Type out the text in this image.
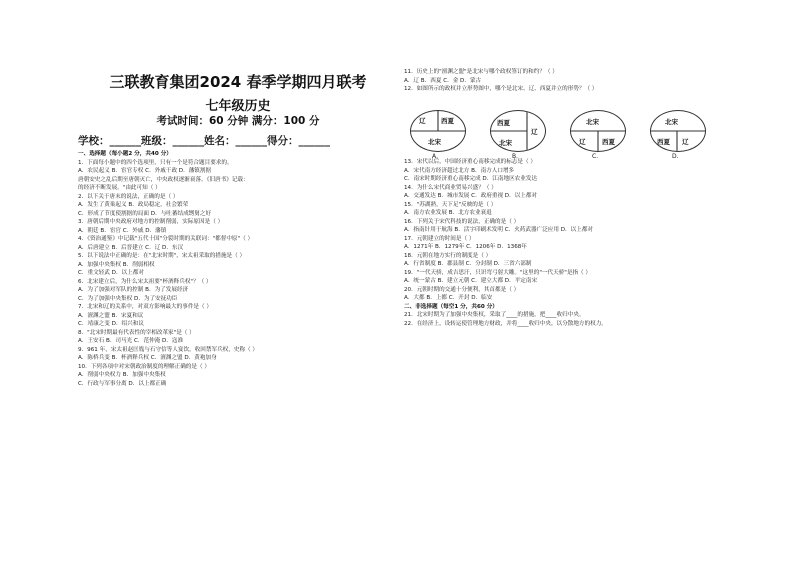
三联教育集团2024 春季学期四月联考
七年级历史
考试时间：60 分钟 满分：100 分
学校：______班级：______姓名：______得分：______
一、选择题（每小题2 分，共40 分）
1．下面每小题中的四个选项里，只有一个是符合题目要求的。
A．农民起义 B．宦官专权 C．外戚干政 D．藩镇割据
唐朝安史之乱后期至唐朝灭亡，中央政权逐渐衰落。《旧唐书》记载：
的经济不断发展。"由此可知（ ）
2．以下关于唐末的说法，正确的是（ ）
A．发生了黄巢起义 B．政局稳定，社会繁荣
C．形成了节度使割据的局面 D．与吐蕃结成甥舅之好
3．唐朝后期中央政府对地方的控制削弱，实际原因是（ ）
A．朝廷 B．宦官 C．外戚 D．藩镇
4．《资治通鉴》中记载"五代十国"分裂时期的关联词："都督中原"（ ）
A．后唐建立 B．后晋建立 C．辽 D．东汉
5．以下说法中正确的是：在"北宋时期"，宋太祖采取的措施是（ ）
A．加强中央集权 B．削弱相权
C．重文轻武 D．以上都对
6．北宋建立后，为什么宋太祖要"杯酒释兵权"？（ ）
A．为了加强对军队的控制 B．为了发展经济
C．为了加强中央集权 D．为了安抚功臣
7．北宋和辽的关系中，对双方影响最大的事件是（ ）
A．澶渊之盟 B．宋夏和议
C．靖康之变 D．绍兴和议
8．"北宋时期最有代表性的宰相改革家"是（ ）
A．王安石 B．司马光 C．范仲淹 D．寇准
9．961 年，宋太祖赵匡胤与石守信等人宴饮，收回禁军兵权，史称（ ）
A．陈桥兵变 B．杯酒释兵权 C．澶渊之盟 D．黄袍加身
10．下列各项中对宋朝政治制度的理解正确的是（ ）
A．削弱中央权力 B．加强中央集权
C．行政与军事分离 D．以上都正确
11．历史上的"澶渊之盟"是北宋与哪个政权签订的和约？（ ）
A．辽 B．西夏 C．金 D．蒙古
12．如图所示的政权并立形势图中，哪个是北宋、辽、西夏并立的形势？（ ）
辽 西夏
北宋
A．
西夏
北宋
辽
B．
北宋
辽	西夏
C．
北宋
辽
西夏
D．
13．宋代以后，中国经济重心南移完成的标志是（ ）
A．宋代南方经济超过北方 B．南方人口增多
C．南宋时期经济重心南移完成 D．江南地区农业发达
14．为什么宋代商业贸易兴盛？（ ）
A．交通发达 B．城市发展 C．政府重视 D．以上都对
15．"苏湖熟，天下足"反映的是（ ）
A．南方农业发展 B．北方农业衰退
16．下列关于宋代科技的说法，正确的是（ ）
A．指南针用于航海 B．活字印刷术发明 C．火药武器广泛应用 D．以上都对
17．元朝建立的时间是（ ）
A．1271年 B．1279年 C．1206年 D．1368年
18．元朝在地方实行的制度是（ ）
A．行省制度 B．郡县制 C．分封制 D．三省六部制
19．"一代天骄，成吉思汗，只识弯弓射大雕。"这里的"一代天骄"是指（ ）
A．统一蒙古 B．建立元朝 C．建立大都 D．平定南宋
20．元朝时期的交通十分便利，其首都是（ ）
A．大都 B．上都 C．开封 D．临安
二、非选择题（每空1 分，共60 分）
21．北宋时期为了加强中央集权，采取了____的措施，把____收归中央。
22．在经济上，设转运使管理地方财政，并将____收归中央，以分散地方的权力。
